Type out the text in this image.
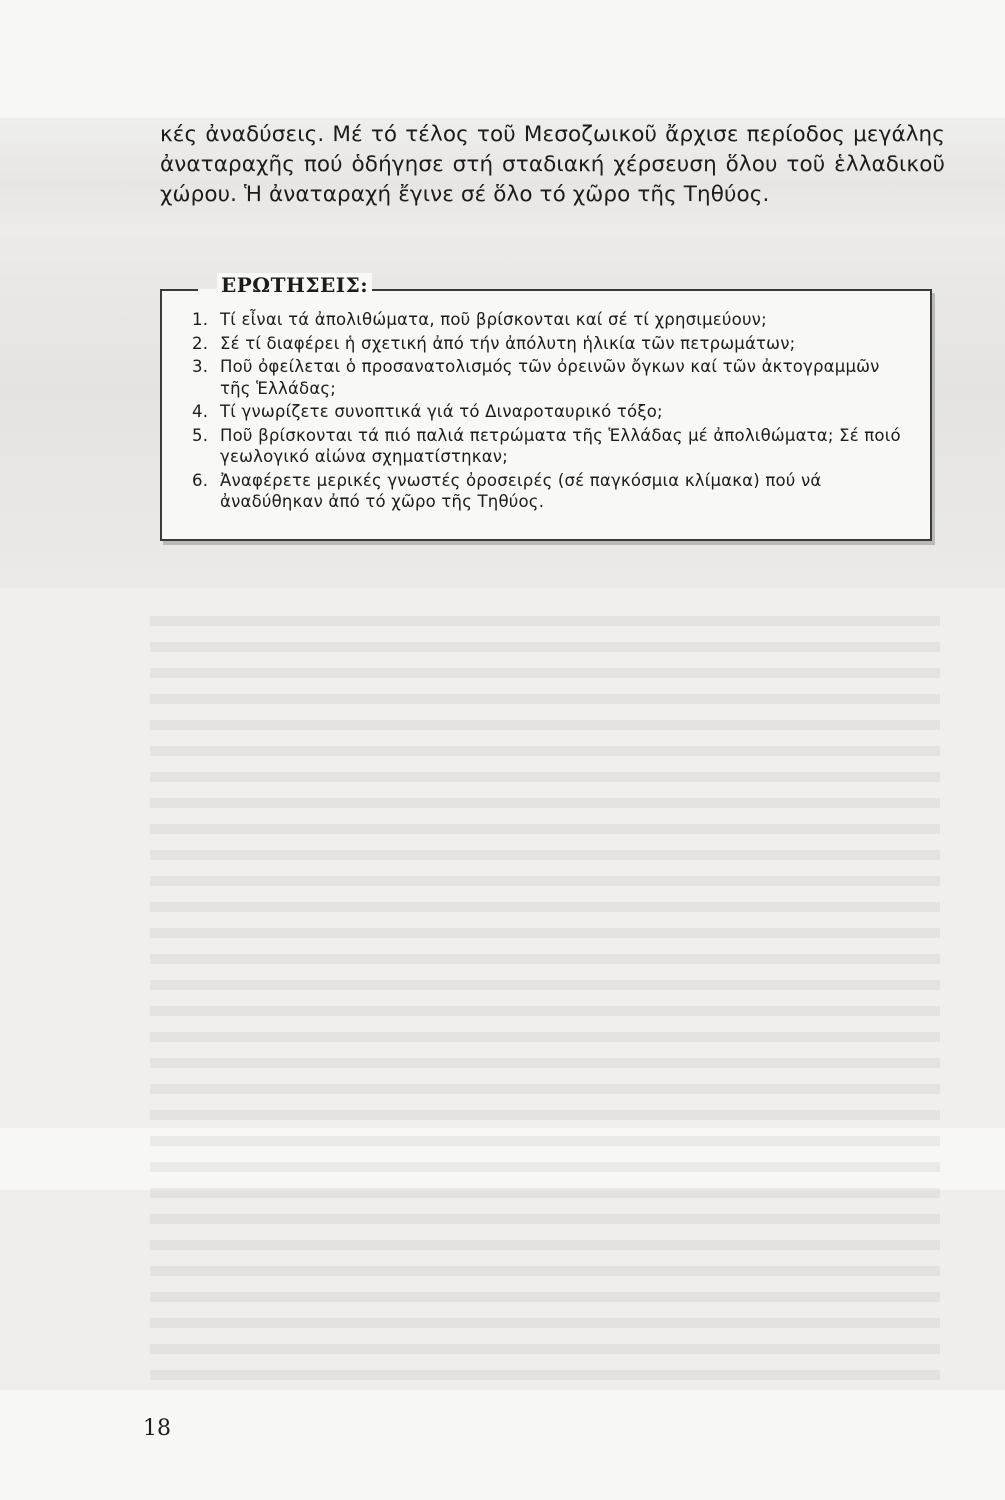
κές ἀναδύσεις. Μέ τό τέλος τοῦ Μεσοζωικοῦ ἄρχισε περίοδος μεγάλης ἀναταραχῆς πού ὁδήγησε στή σταδιακή χέρσευση ὅλου τοῦ ἑλλαδικοῦ χώρου. Ἡ ἀναταραχή ἔγινε σέ ὅλο τό χῶρο τῆς Τηθύος.

ΕΡΩΤΗΣΕΙΣ:
1. Τί εἶναι τά ἀπολιθώματα, ποῦ βρίσκονται καί σέ τί χρησιμεύουν;
2. Σέ τί διαφέρει ἡ σχετική ἀπό τήν ἀπόλυτη ἡλικία τῶν πετρωμάτων;
3. Ποῦ ὀφείλεται ὁ προσανατολισμός τῶν ὀρεινῶν ὄγκων καί τῶν ἀκτογραμμῶν τῆς Ἑλλάδας;
4. Τί γνωρίζετε συνοπτικά γιά τό Διναροταυρικό τόξο;
5. Ποῦ βρίσκονται τά πιό παλιά πετρώματα τῆς Ἑλλάδας μέ ἀπολιθώματα; Σέ ποιό γεωλογικό αἰώνα σχηματίστηκαν;
6. Ἀναφέρετε μερικές γνωστές ὀροσειρές (σέ παγκόσμια κλίμακα) πού νά ἀναδύθηκαν ἀπό τό χῶρο τῆς Τηθύος.
18
